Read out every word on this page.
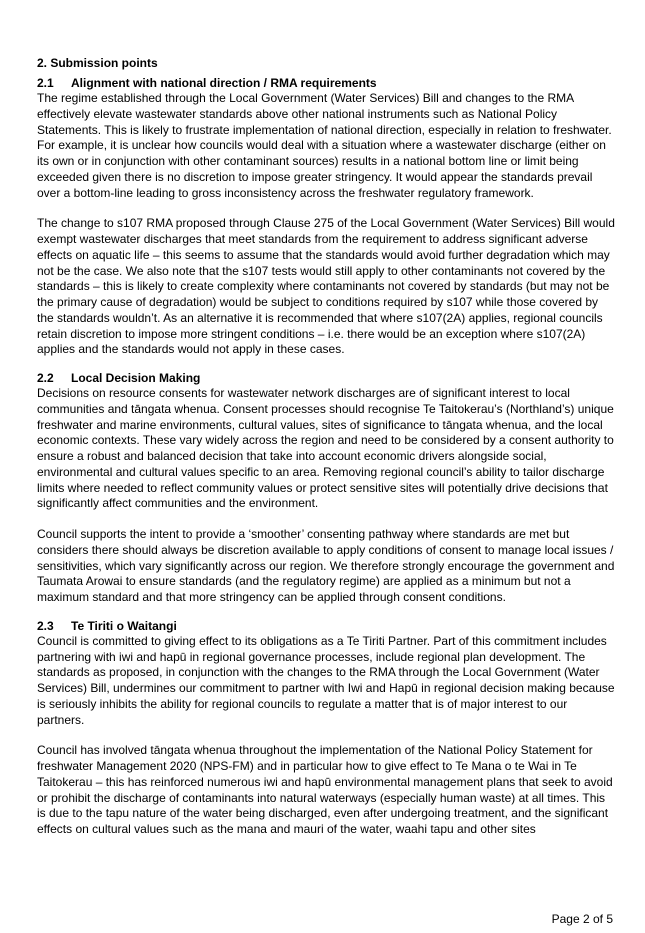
2. Submission points

2.1	Alignment with national direction / RMA requirements

The regime established through the Local Government (Water Services) Bill and changes to the RMA effectively elevate wastewater standards above other national instruments such as National Policy Statements. This is likely to frustrate implementation of national direction, especially in relation to freshwater. For example, it is unclear how councils would deal with a situation where a wastewater discharge (either on its own or in conjunction with other contaminant sources) results in a national bottom line or limit being exceeded given there is no discretion to impose greater stringency. It would appear the standards prevail over a bottom-line leading to gross inconsistency across the freshwater regulatory framework.

The change to s107 RMA proposed through Clause 275 of the Local Government (Water Services) Bill would exempt wastewater discharges that meet standards from the requirement to address significant adverse effects on aquatic life – this seems to assume that the standards would avoid further degradation which may not be the case. We also note that the s107 tests would still apply to other contaminants not covered by the standards – this is likely to create complexity where contaminants not covered by standards (but may not be the primary cause of degradation) would be subject to conditions required by s107 while those covered by the standards wouldn’t. As an alternative it is recommended that where s107(2A) applies, regional councils retain discretion to impose more stringent conditions – i.e. there would be an exception where s107(2A) applies and the standards would not apply in these cases.

2.2	Local Decision Making

Decisions on resource consents for wastewater network discharges are of significant interest to local communities and tāngata whenua. Consent processes should recognise Te Taitokerau’s (Northland’s) unique freshwater and marine environments, cultural values, sites of significance to tāngata whenua, and the local economic contexts. These vary widely across the region and need to be considered by a consent authority to ensure a robust and balanced decision that take into account economic drivers alongside social, environmental and cultural values specific to an area. Removing regional council’s ability to tailor discharge limits where needed to reflect community values or protect sensitive sites will potentially drive decisions that significantly affect communities and the environment.

Council supports the intent to provide a ‘smoother’ consenting pathway where standards are met but considers there should always be discretion available to apply conditions of consent to manage local issues / sensitivities, which vary significantly across our region. We therefore strongly encourage the government and Taumata Arowai to ensure standards (and the regulatory regime) are applied as a minimum but not a maximum standard and that more stringency can be applied through consent conditions.

2.3	Te Tiriti o Waitangi

Council is committed to giving effect to its obligations as a Te Tiriti Partner. Part of this commitment includes partnering with iwi and hapū in regional governance processes, include regional plan development. The standards as proposed, in conjunction with the changes to the RMA through the Local Government (Water Services) Bill, undermines our commitment to partner with Iwi and Hapū in regional decision making because is seriously inhibits the ability for regional councils to regulate a matter that is of major interest to our partners.

Council has involved tāngata whenua throughout the implementation of the National Policy Statement for freshwater Management 2020 (NPS-FM) and in particular how to give effect to Te Mana o te Wai in Te Taitokerau – this has reinforced numerous iwi and hapū environmental management plans that seek to avoid or prohibit the discharge of contaminants into natural waterways (especially human waste) at all times. This is due to the tapu nature of the water being discharged, even after undergoing treatment, and the significant effects on cultural values such as the mana and mauri of the water, waahi tapu and other sites

Page 2 of 5
